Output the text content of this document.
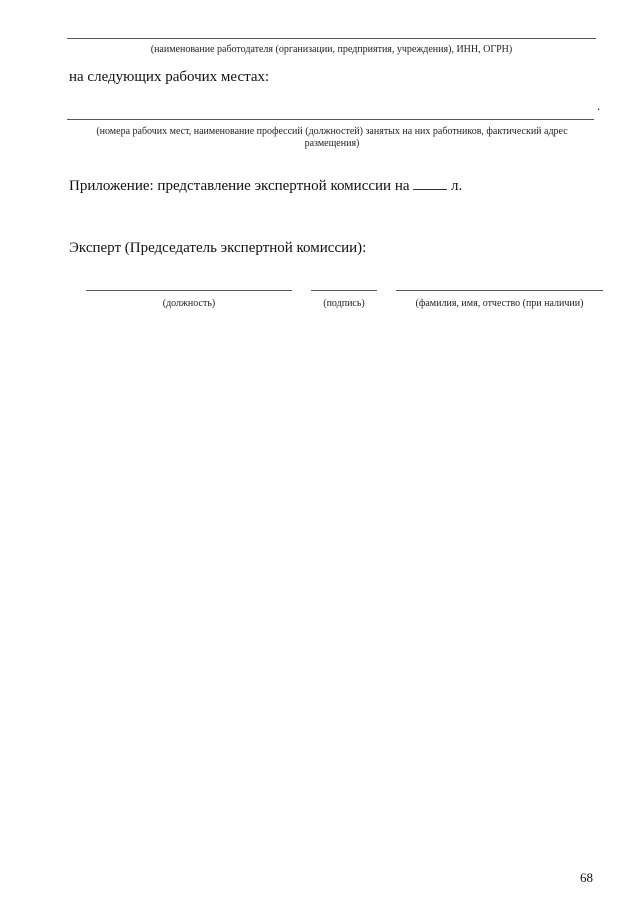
(наименование работодателя (организации, предприятия, учреждения), ИНН, ОГРН)
на следующих рабочих местах:
.
(номера рабочих мест, наименование профессий (должностей) занятых на них работников, фактический адрес размещения)
Приложение: представление экспертной комиссии на	л.
Эксперт (Председатель экспертной комиссии):
(должность)	(подпись)	(фамилия, имя, отчество (при наличии)
68
